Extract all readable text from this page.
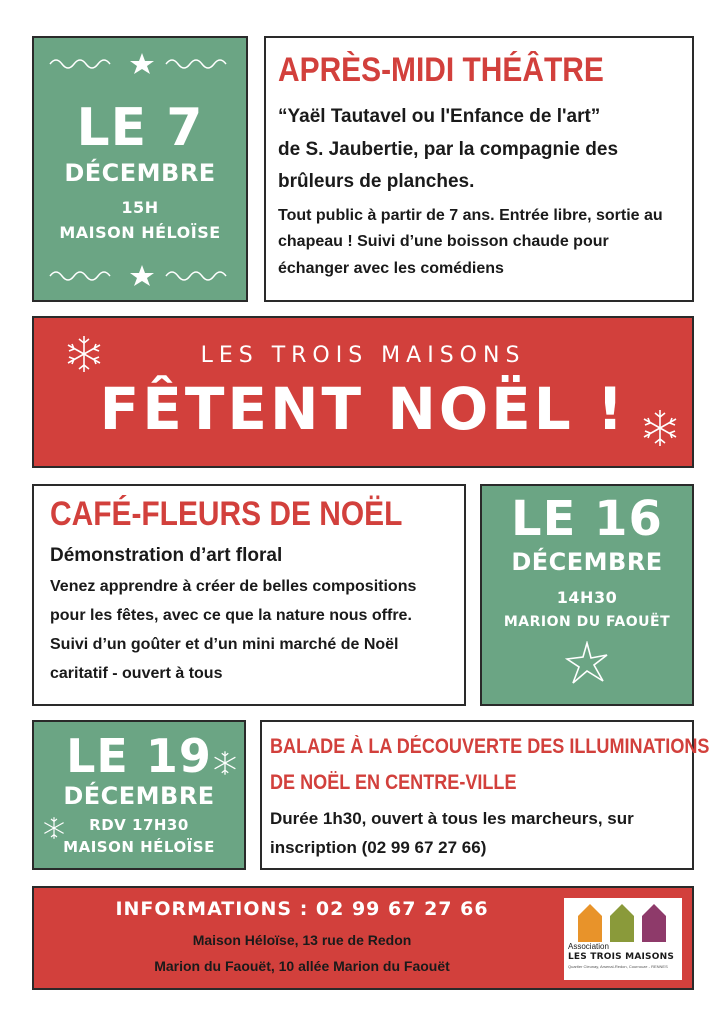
LE 7
DÉCEMBRE
15H
MAISON HÉLOÏSE
APRÈS-MIDI THÉÂTRE
“Yaël Tautavel ou l'Enfance de l'art”
de S. Jaubertie, par la compagnie des
brûleurs de planches.
Tout public à partir de 7 ans. Entrée libre, sortie au chapeau ! Suivi d’une boisson chaude pour échanger avec les comédiens
LES TROIS MAISONS
FÊTENT NOËL !
CAFÉ-FLEURS DE NOËL
Démonstration d’art floral
Venez apprendre à créer de belles compositions pour les fêtes, avec ce que la nature nous offre. Suivi d’un goûter et d’un mini marché de Noël caritatif - ouvert à tous
LE 16
DÉCEMBRE
14H30
MARION DU FAOUËT
LE 19
DÉCEMBRE
RDV 17H30
MAISON HÉLOÏSE
BALADE À LA DÉCOUVERTE DES ILLUMINATIONS
DE NOËL EN CENTRE-VILLE
Durée 1h30, ouvert à tous les marcheurs, sur inscription (02 99 67 27 66)
INFORMATIONS : 02 99 67 27 66
Maison Héloïse, 13 rue de Redon
Marion du Faouët, 10 allée Marion du Faouët
Association
LES TROIS MAISONS
Quartier Cleunay, Arsenal-Redon, Courrouze - RENNES
